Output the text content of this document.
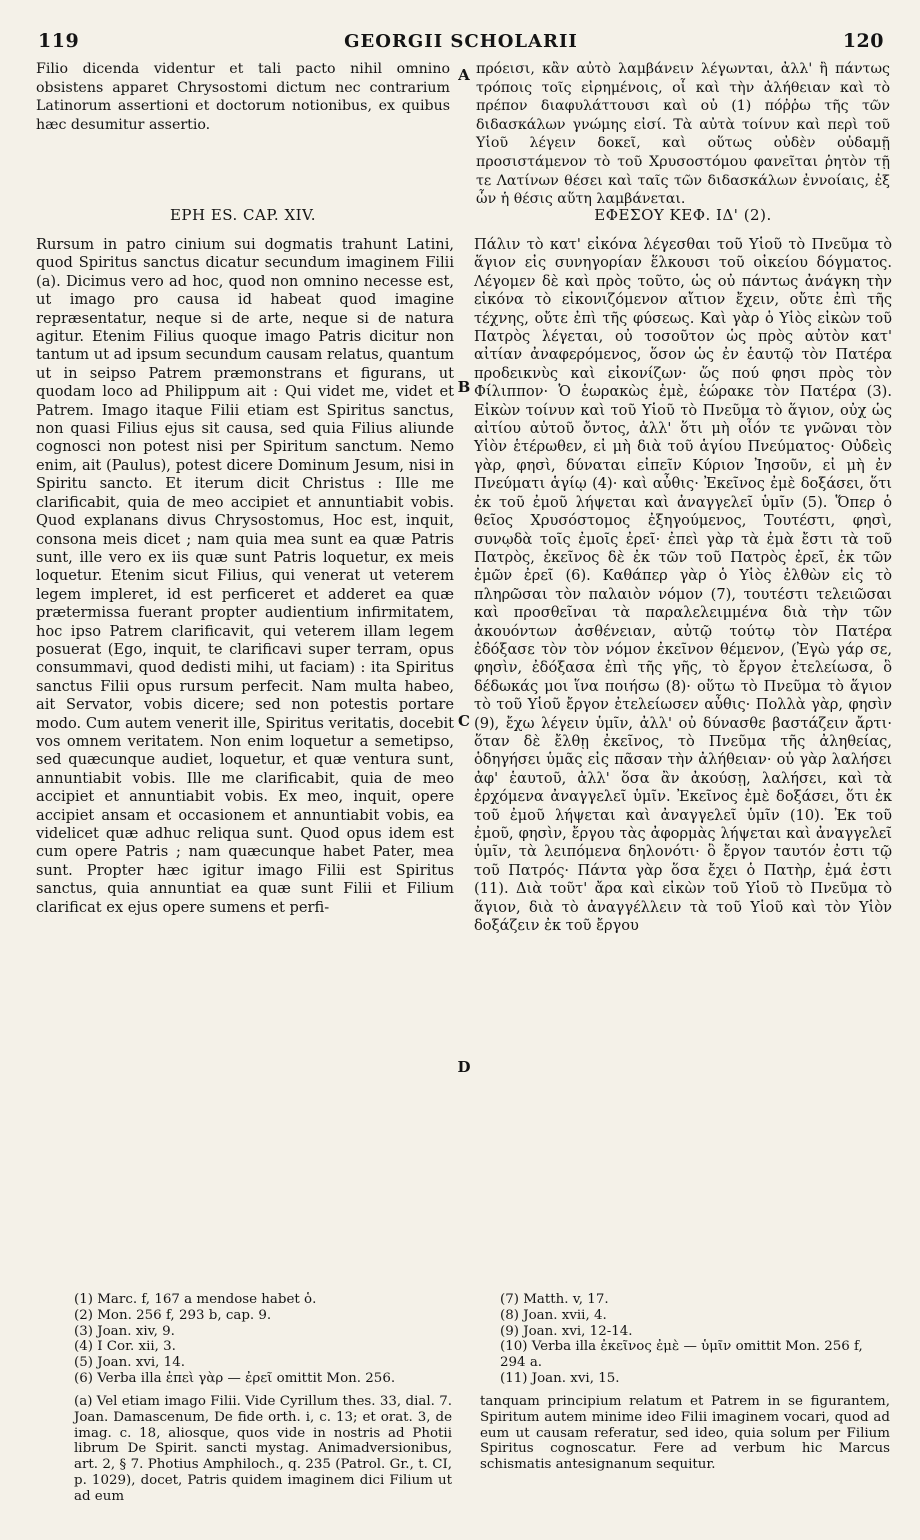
119	GEORGII SCHOLARII	120
Filio dicenda videntur et tali pacto nihil omnino obsistens apparet Chrysostomi dictum nec contrarium Latinorum assertioni et doctorum notionibus, ex quibus hæc desumitur assertio.
πρόεισι, κἂν αὐτὸ λαμβάνειν λέγωνται, ἀλλ' ἢ πάντως τρόποις τοῖς εἰρημένοις, οἷ καὶ τὴν ἀλήθειαν καὶ τὸ πρέπον διαφυλάττουσι καὶ οὐ (1) πόῤῥω τῆς τῶν διδασκάλων γνώμης εἰσί. Τὰ αὐτὰ τοίνυν καὶ περὶ τοῦ Υἱοῦ λέγειν δοκεῖ, καὶ οὕτως οὐδὲν οὐδαμῇ προσιστάμενον τὸ τοῦ Χρυσοστόμου φανεῖται ῥητὸν τῇ τε Λατίνων θέσει καὶ ταῖς τῶν διδασκάλων ἐννοίαις, ἐξ ὧν ἡ θέσις αὕτη λαμβάνεται.
EPH ES. CAP. XIV.	ΕΦΕΣΟΥ ΚΕΦ. ΙΔ' (2).

Rursum in patro cinium sui dogmatis trahunt Latini, quod Spiritus sanctus dicatur secundum imaginem Filii (a). Dicimus vero ad hoc, quod non omnino necesse est, ut imago pro causa id habeat quod imagine repræsentatur, neque si de arte, neque si de natura agitur. Etenim Filius quoque imago Patris dicitur non tantum ut ad ipsum secundum causam relatus, quantum ut in seipso Patrem præmonstrans et figurans, ut quodam loco ad Philippum ait : Qui videt me, videt et Patrem. Imago itaque Filii etiam est Spiritus sanctus, non quasi Filius ejus sit causa, sed quia Filius aliunde cognosci non potest nisi per Spiritum sanctum. Nemo enim, ait (Paulus), potest dicere Dominum Jesum, nisi in Spiritu sancto. Et iterum dicit Christus : Ille me clarificabit, quia de meo accipiet et annuntiabit vobis. Quod explanans divus Chrysostomus, Hoc est, inquit, consona meis dicet ; nam quia mea sunt ea quæ Patris sunt, ille vero ex iis quæ sunt Patris loquetur, ex meis loquetur. Etenim sicut Filius, qui venerat ut veterem legem impleret, id est perficeret et adderet ea quæ prætermissa fuerant propter audientium infirmitatem, hoc ipso Patrem clarificavit, qui veterem illam legem posuerat (Ego, inquit, te clarificavi super terram, opus consummavi, quod dedisti mihi, ut faciam) : ita Spiritus sanctus Filii opus rursum perfecit. Nam multa habeo, ait Servator, vobis dicere; sed non potestis portare modo. Cum autem venerit ille, Spiritus veritatis, docebit vos omnem veritatem. Non enim loquetur a semetipso, sed quæcunque audiet, loquetur, et quæ ventura sunt, annuntiabit vobis. Ille me clarificabit, quia de meo accipiet et annuntiabit vobis. Ex meo, inquit, opere accipiet ansam et occasionem et annuntiabit vobis, ea videlicet quæ adhuc reliqua sunt. Quod opus idem est cum opere Patris ; nam quæcunque habet Pater, mea sunt. Propter hæc igitur imago Filii est Spiritus sanctus, quia annuntiat ea quæ sunt Filii et Filium clarificat ex ejus opere sumens et perfi-

A
B
C
D

Πάλιν τὸ κατ' εἰκόνα λέγεσθαι τοῦ Υἱοῦ τὸ Πνεῦμα τὸ ἅγιον εἰς συνηγορίαν ἕλκουσι τοῦ οἰκείου δόγματος. Λέγομεν δὲ καὶ πρὸς τοῦτο, ὡς οὐ πάντως ἀνάγκη τὴν εἰκόνα τὸ εἰκονιζόμενον αἴτιον ἔχειν, οὔτε ἐπὶ τῆς τέχνης, οὔτε ἐπὶ τῆς φύσεως. Καὶ γὰρ ὁ Υἱὸς εἰκὼν τοῦ Πατρὸς λέγεται, οὐ τοσοῦτον ὡς πρὸς αὐτὸν κατ' αἰτίαν ἀναφερόμενος, ὅσον ὡς ἐν ἑαυτῷ τὸν Πατέρα προδεικνὺς καὶ εἰκονίζων· ὥς πού φησι πρὸς τὸν Φίλιππον· Ὁ ἑωρακὼς ἐμὲ, ἑώρακε τὸν Πατέρα (3). Εἰκὼν τοίνυν καὶ τοῦ Υἱοῦ τὸ Πνεῦμα τὸ ἅγιον, οὐχ ὡς αἰτίου αὐτοῦ ὄντος, ἀλλ' ὅτι μὴ οἷόν τε γνῶναι τὸν Υἱὸν ἑτέρωθεν, εἰ μὴ διὰ τοῦ ἁγίου Πνεύματος· Οὐδεὶς γὰρ, φησὶ, δύναται εἰπεῖν Κύριον Ἰησοῦν, εἰ μὴ ἐν Πνεύματι ἁγίῳ (4)· καὶ αὖθις· Ἐκεῖνος ἐμὲ δοξάσει, ὅτι ἐκ τοῦ ἐμοῦ λήψεται καὶ ἀναγγελεῖ ὑμῖν (5). Ὅπερ ὁ θεῖος Χρυσόστομος ἐξηγούμενος, Τουτέστι, φησὶ, συνῳδὰ τοῖς ἐμοῖς ἐρεῖ· ἐπεὶ γὰρ τὰ ἐμὰ ἔστι τὰ τοῦ Πατρὸς, ἐκεῖνος δὲ ἐκ τῶν τοῦ Πατρὸς ἐρεῖ, ἐκ τῶν ἐμῶν ἐρεῖ (6). Καθάπερ γὰρ ὁ Υἱὸς ἐλθὼν εἰς τὸ πληρῶσαι τὸν παλαιὸν νόμον (7), τουτέστι τελειῶσαι καὶ προσθεῖναι τὰ παραλελειμμένα διὰ τὴν τῶν ἀκουόντων ἀσθένειαν, αὐτῷ τούτῳ τὸν Πατέρα ἐδόξασε τὸν τὸν νόμον ἐκεῖνον θέμενον, (Ἐγὼ γάρ σε, φησὶν, ἐδόξασα ἐπὶ τῆς γῆς, τὸ ἔργον ἐτελείωσα, ὃ δέδωκάς μοι ἵνα ποιήσω (8)· οὕτω τὸ Πνεῦμα τὸ ἅγιον τὸ τοῦ Υἱοῦ ἔργον ἐτελείωσεν αὖθις· Πολλὰ γὰρ, φησὶν (9), ἔχω λέγειν ὑμῖν, ἀλλ' οὐ δύνασθε βαστάζειν ἄρτι· ὅταν δὲ ἔλθῃ ἐκεῖνος, τὸ Πνεῦμα τῆς ἀληθείας, ὁδηγήσει ὑμᾶς εἰς πᾶσαν τὴν ἀλήθειαν· οὐ γὰρ λαλήσει ἀφ' ἑαυτοῦ, ἀλλ' ὅσα ἂν ἀκούσῃ, λαλήσει, καὶ τὰ ἐρχόμενα ἀναγγελεῖ ὑμῖν. Ἐκεῖνος ἐμὲ δοξάσει, ὅτι ἐκ τοῦ ἐμοῦ λήψεται καὶ ἀναγγελεῖ ὑμῖν (10). Ἐκ τοῦ ἐμοῦ, φησὶν, ἔργου τὰς ἀφορμὰς λήψεται καὶ ἀναγγελεῖ ὑμῖν, τὰ λειπόμενα δηλονότι· ὃ ἔργον ταυτόν ἐστι τῷ τοῦ Πατρός· Πάντα γὰρ ὅσα ἔχει ὁ Πατὴρ, ἐμά ἐστι (11). Διὰ τοῦτ' ἄρα καὶ εἰκὼν τοῦ Υἱοῦ τὸ Πνεῦμα τὸ ἅγιον, διὰ τὸ ἀναγγέλλειν τὰ τοῦ Υἱοῦ καὶ τὸν Υἱὸν δοξάζειν ἐκ τοῦ ἔργου

(1) Marc. f, 167 a mendose habet ὁ.
(2) Mon. 256 f, 293 b, cap. 9.
(3) Joan. xiv, 9.
(4) I Cor. xii, 3.
(5) Joan. xvi, 14.
(6) Verba illa ἐπεὶ γὰρ — ἐρεῖ omittit Mon. 256.
(7) Matth. v, 17.
(8) Joan. xvii, 4.
(9) Joan. xvi, 12-14.
(10) Verba illa ἐκεῖνος ἐμὲ — ὑμῖν omittit Mon. 256 f, 294 a.
(11) Joan. xvi, 15.
(a) Vel etiam imago Filii. Vide Cyrillum thes. 33, dial. 7. Joan. Damascenum, De fide orth. i, c. 13; et orat. 3, de imag. c. 18, aliosque, quos vide in nostris ad Photii librum De Spirit. sancti mystag. Animadversionibus, art. 2, § 7. Photius Amphiloch., q. 235 (Patrol. Gr., t. CI, p. 1029), docet, Patris quidem imaginem dici Filium ut ad eum
tanquam principium relatum et Patrem in se figurantem, Spiritum autem minime ideo Filii imaginem vocari, quod ad eum ut causam referatur, sed ideo, quia solum per Filium Spiritus cognoscatur. Fere ad verbum hic Marcus schismatis antesignanum sequitur.
